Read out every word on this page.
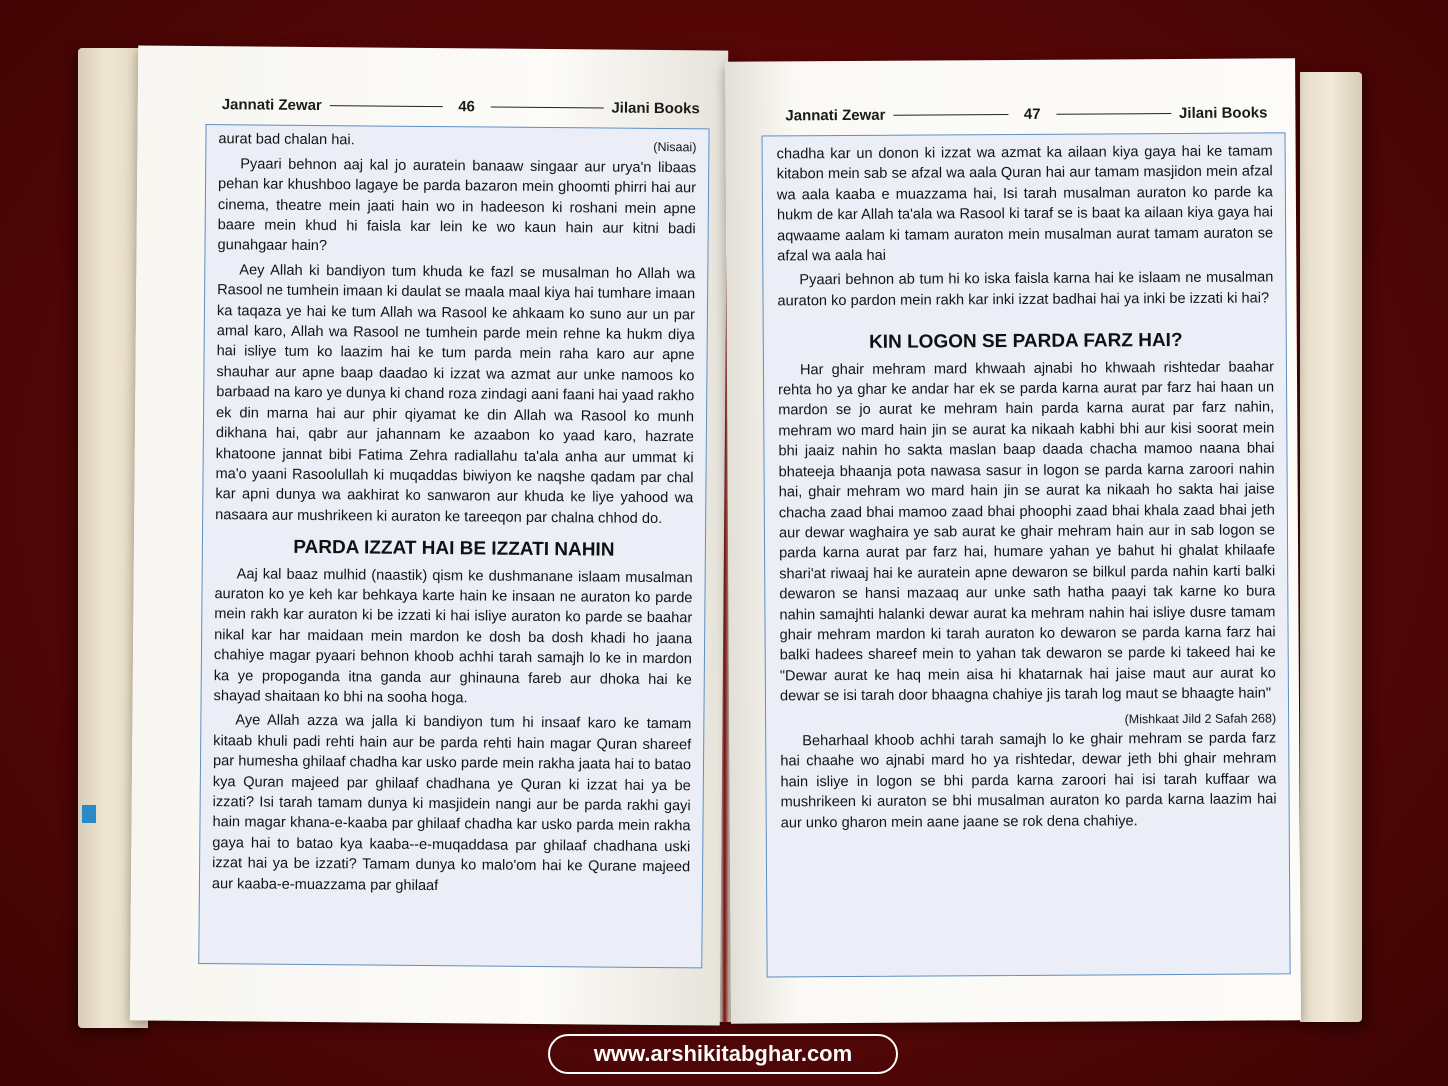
Jannati Zewar	46	Jilani Books

aurat bad chalan hai.	(Nisaai)

Pyaari behnon aaj kal jo auratein banaaw singaar aur urya'n libaas pehan kar khushboo lagaye be parda bazaron mein ghoomti phirri hai aur cinema, theatre mein jaati hain wo in hadeeson ki roshani mein apne baare mein khud hi faisla kar lein ke wo kaun hain aur kitni badi gunahgaar hain?

Aey Allah ki bandiyon tum khuda ke fazl se musalman ho Allah wa Rasool ne tumhein imaan ki daulat se maala maal kiya hai tumhare imaan ka taqaza ye hai ke tum Allah wa Rasool ke ahkaam ko suno aur un par amal karo, Allah wa Rasool ne tumhein parde mein rehne ka hukm diya hai isliye tum ko laazim hai ke tum parda mein raha karo aur apne shauhar aur apne baap daadao ki izzat wa azmat aur unke namoos ko barbaad na karo ye dunya ki chand roza zindagi aani faani hai yaad rakho ek din marna hai aur phir qiyamat ke din Allah wa Rasool ko munh dikhana hai, qabr aur jahannam ke azaabon ko yaad karo, hazrate khatoone jannat bibi Fatima Zehra radiallahu ta'ala anha aur ummat ki ma'o yaani Rasoolullah ki muqaddas biwiyon ke naqshe qadam par chal kar apni dunya wa aakhirat ko sanwaron aur khuda ke liye yahood wa nasaara aur mushrikeen ki auraton ke tareeqon par chalna chhod do.

PARDA IZZAT HAI BE IZZATI NAHIN

Aaj kal baaz mulhid (naastik) qism ke dushmanane islaam musalman auraton ko ye keh kar behkaya karte hain ke insaan ne auraton ko parde mein rakh kar auraton ki be izzati ki hai isliye auraton ko parde se baahar nikal kar har maidaan mein mardon ke dosh ba dosh khadi ho jaana chahiye magar pyaari behnon khoob achhi tarah samajh lo ke in mardon ka ye propoganda itna ganda aur ghinauna fareb aur dhoka hai ke shayad shaitaan ko bhi na sooha hoga.

Aye Allah azza wa jalla ki bandiyon tum hi insaaf karo ke tamam kitaab khuli padi rehti hain aur be parda rehti hain magar Quran shareef par humesha ghilaaf chadha kar usko parde mein rakha jaata hai to batao kya Quran majeed par ghilaaf chadhana ye Quran ki izzat hai ya be izzati? Isi tarah tamam dunya ki masjidein nangi aur be parda rakhi gayi hain magar khana-e-kaaba par ghilaaf chadha kar usko parda mein rakha gaya hai to batao kya kaaba--e-muqaddasa par ghilaaf chadhana uski izzat hai ya be izzati? Tamam dunya ko malo'om hai ke Qurane majeed aur kaaba-e-muazzama par ghilaaf

Jannati Zewar	47	Jilani Books

chadha kar un donon ki izzat wa azmat ka ailaan kiya gaya hai ke tamam kitabon mein sab se afzal wa aala Quran hai aur tamam masjidon mein afzal wa aala kaaba e muazzama hai, Isi tarah musalman auraton ko parde ka hukm de kar Allah ta'ala wa Rasool ki taraf se is baat ka ailaan kiya gaya hai aqwaame aalam ki tamam auraton mein musalman aurat tamam auraton se afzal wa aala hai

Pyaari behnon ab tum hi ko iska faisla karna hai ke islaam ne musalman auraton ko pardon mein rakh kar inki izzat badhai hai ya inki be izzati ki hai?

KIN LOGON SE PARDA FARZ HAI?

Har ghair mehram mard khwaah ajnabi ho khwaah rishtedar baahar rehta ho ya ghar ke andar har ek se parda karna aurat par farz hai haan un mardon se jo aurat ke mehram hain parda karna aurat par farz nahin, mehram wo mard hain jin se aurat ka nikaah kabhi bhi aur kisi soorat mein bhi jaaiz nahin ho sakta maslan baap daada chacha mamoo naana bhai bhateeja bhaanja pota nawasa sasur in logon se parda karna zaroori nahin hai, ghair mehram wo mard hain jin se aurat ka nikaah ho sakta hai jaise chacha zaad bhai mamoo zaad bhai phoophi zaad bhai khala zaad bhai jeth aur dewar waghaira ye sab aurat ke ghair mehram hain aur in sab logon se parda karna aurat par farz hai, humare yahan ye bahut hi ghalat khilaafe shari'at riwaaj hai ke auratein apne dewaron se bilkul parda nahin karti balki dewaron se hansi mazaaq aur unke sath hatha paayi tak karne ko bura nahin samajhti halanki dewar aurat ka mehram nahin hai isliye dusre tamam ghair mehram mardon ki tarah auraton ko dewaron se parda karna farz hai balki hadees shareef mein to yahan tak dewaron se parde ki takeed hai ke "Dewar aurat ke haq mein aisa hi khatarnak hai jaise maut aur aurat ko dewar se isi tarah door bhaagna chahiye jis tarah log maut se bhaagte hain"

(Mishkaat Jild 2 Safah 268)

Beharhaal khoob achhi tarah samajh lo ke ghair mehram se parda farz hai chaahe wo ajnabi mard ho ya rishtedar, dewar jeth bhi ghair mehram hain isliye in logon se bhi parda karna zaroori hai isi tarah kuffaar wa mushrikeen ki auraton se bhi musalman auraton ko parda karna laazim hai aur unko gharon mein aane jaane se rok dena chahiye.

www.arshikitabghar.com
